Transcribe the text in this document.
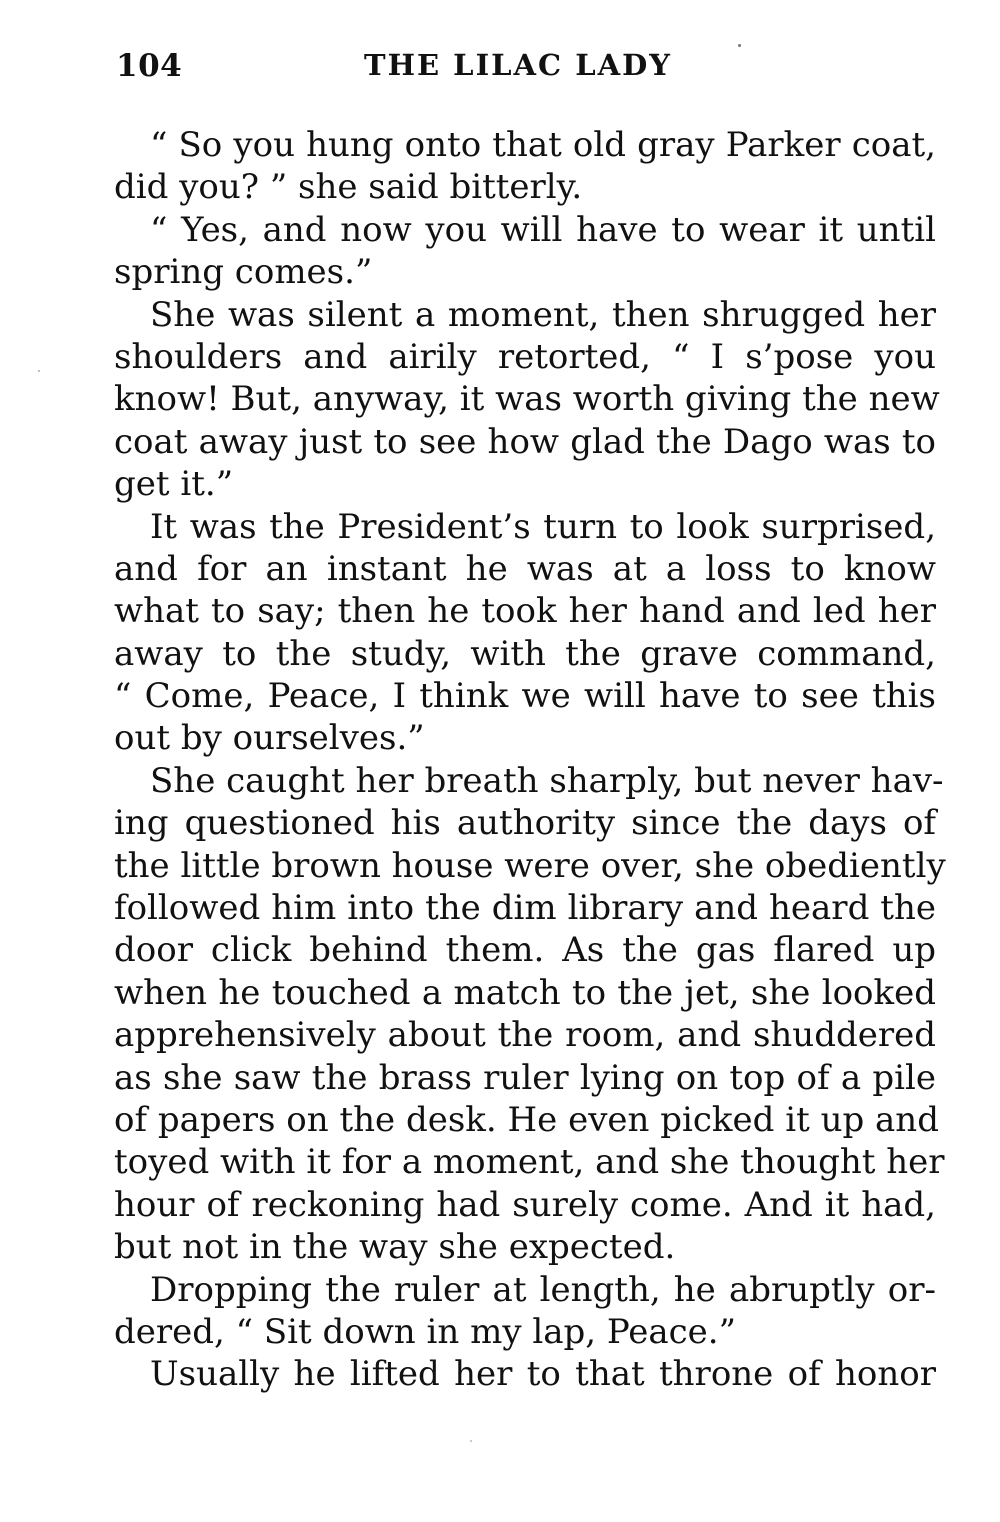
104	THE LILAC LADY
“ So you hung onto that old gray Parker coat,
did you? ” she said bitterly.
“ Yes, and now you will have to wear it until
spring comes.”
She was silent a moment, then shrugged her
shoulders and airily retorted, “ I s’pose you
know! But, anyway, it was worth giving the new
coat away just to see how glad the Dago was to
get it.”
It was the President’s turn to look surprised,
and for an instant he was at a loss to know
what to say; then he took her hand and led her
away to the study, with the grave command,
“ Come, Peace, I think we will have to see this
out by ourselves.”
She caught her breath sharply, but never hav-
ing questioned his authority since the days of
the little brown house were over, she obediently
followed him into the dim library and heard the
door click behind them. As the gas flared up
when he touched a match to the jet, she looked
apprehensively about the room, and shuddered
as she saw the brass ruler lying on top of a pile
of papers on the desk. He even picked it up and
toyed with it for a moment, and she thought her
hour of reckoning had surely come. And it had,
but not in the way she expected.
Dropping the ruler at length, he abruptly or-
dered, “ Sit down in my lap, Peace.”
Usually he lifted her to that throne of honor
